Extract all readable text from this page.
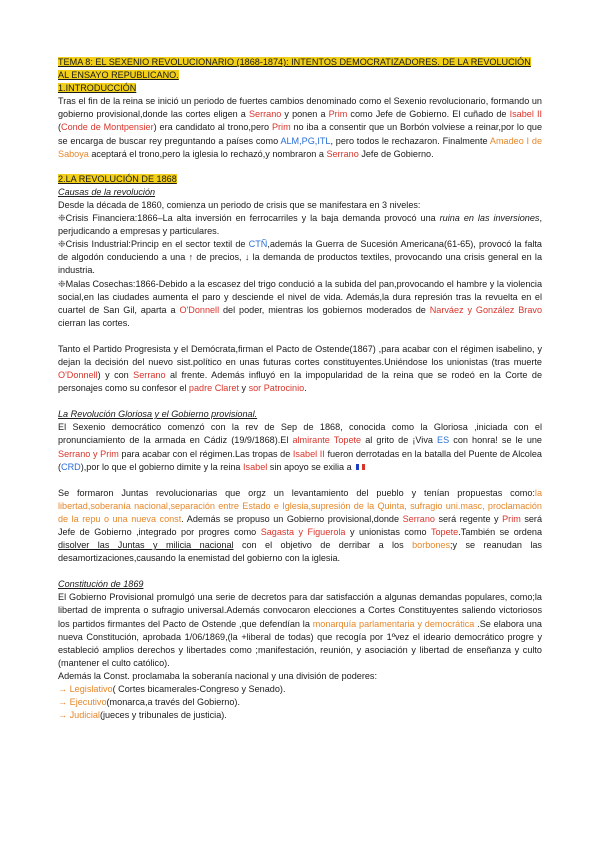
TEMA 8: EL SEXENIO REVOLUCIONARIO (1868-1874): INTENTOS DEMOCRATIZADORES. DE LA REVOLUCIÓN AL ENSAYO REPUBLICANO.

1.INTRODUCCIÓN

Tras el fin de la reina se inició un periodo de fuertes cambios denominado como el Sexenio revolucionario, formando un gobierno provisional,donde las cortes eligen a Serrano y ponen a Prim como Jefe de Gobierno. El cuñado de Isabel II (Conde de Montpensier) era candidato al trono,pero Prim no iba a consentir que un Borbón volviese a reinar,por lo que se encarga de buscar rey preguntando a países como ALM,PG,ITL, pero todos le rechazaron. Finalmente Amadeo I de Saboya aceptará el trono,pero la iglesia lo rechazó,y nombraron a Serrano Jefe de Gobierno.

2.LA REVOLUCIÓN DE 1868

Causas de la revolución

Desde la década de 1860, comienza un periodo de crisis que se manifestara en 3 niveles:

❉Crisis Financiera:1866–La alta inversión en ferrocarriles y la baja demanda provocó una ruina en las inversiones, perjudicando a empresas y particulares.

❉Crisis Industrial:Princip en el sector textil de CTÑ,además la Guerra de Sucesión Americana(61-65), provocó la falta de algodón conduciendo a una ↑ de precios, ↓ la demanda de productos textiles, provocando una crisis general en la industria.

❉Malas Cosechas:1866-Debido a la escasez del trigo condució a la subida del pan,provocando el hambre y la violencia social,en las ciudades aumenta el paro y desciende el nivel de vida. Además,la dura represión tras la revuelta en el cuartel de San Gil, aparta a O'Donnell del poder, mientras los gobiernos moderados de Narváez y González Bravo cierran las cortes.

Tanto el Partido Progresista y el Demócrata,firman el Pacto de Ostende(1867) ,para acabar con el régimen isabelino, y dejan la decisión del nuevo sist.político en unas futuras cortes constituyentes.Uniéndose los unionistas (tras muerte O'Donnell) y con Serrano al frente. Además influyó en la impopularidad de la reina que se rodeó en la Corte de personajes como su confesor el padre Claret y sor Patrocinio.

La Revolución Gloriosa y el Gobierno provisional.

El Sexenio democrático comenzó con la rev de Sep de 1868, conocida como la Gloriosa ,iniciada con el pronunciamiento de la armada en Cádiz (19/9/1868).El almirante Topete al grito de ¡Viva ES con honra! se le une Serrano y Prim para acabar con el régimen.Las tropas de Isabel II fueron derrotadas en la batalla del Puente de Alcolea (CRD),por lo que el gobierno dimite y la reina Isabel sin apoyo se exilia a

Se formaron Juntas revolucionarias que orgz un levantamiento del pueblo y tenían propuestas como:la libertad,soberanía nacional,separación entre Estado e Iglesia,supresión de la Quinta, sufragio uni.masc, proclamación de la repu o una nueva const. Además se propuso un Gobierno provisional,donde Serrano será regente y Prim será Jefe de Gobierno ,integrado por progres como Sagasta y Figuerola y unionistas como Topete.También se ordena disolver las Juntas y milicia nacional con el objetivo de derribar a los borbones;y se reanudan las desamortizaciones,causando la enemistad del gobierno con la iglesia.

Constitución de 1869

El Gobierno Provisional promulgó una serie de decretos para dar satisfacción a algunas demandas populares, como;la libertad de imprenta o sufragio universal.Además convocaron elecciones a Cortes Constituyentes saliendo victoriosos los partidos firmantes del Pacto de Ostende ,que defendían la monarquía parlamentaria y democrática .Se elabora una nueva Constitución, aprobada 1/06/1869,(la +liberal de todas) que recogía por 1ºvez el ideario democrático progre y estableció amplios derechos y libertades como ;manifestación, reunión, y asociación y libertad de enseñanza y culto (mantener el culto católico).

Además la Const. proclamaba la soberanía nacional y una división de poderes:

→ Legislativo( Cortes bicamerales-Congreso y Senado).

→ Ejecutivo(monarca,a través del Gobierno).

→ Judicial(jueces y tribunales de justicia).
